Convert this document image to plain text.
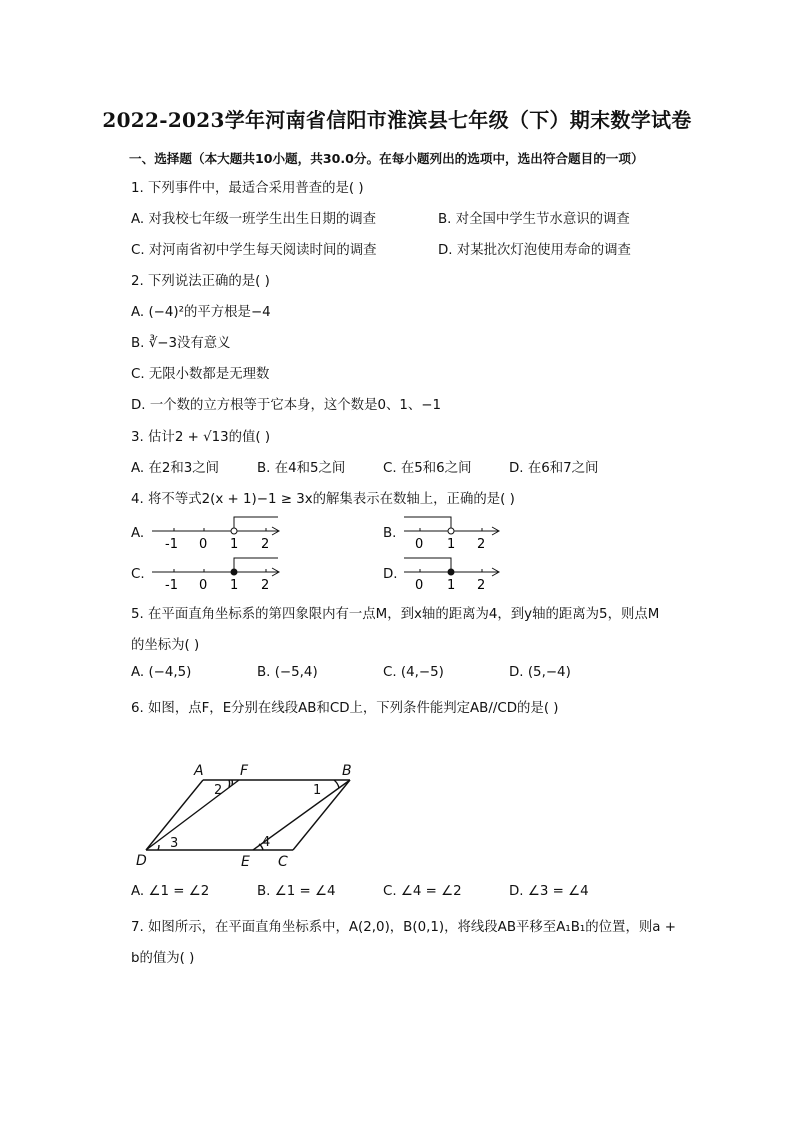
2022-2023学年河南省信阳市淮滨县七年级（下）期末数学试卷
一、选择题（本大题共10小题，共30.0分。在每小题列出的选项中，选出符合题目的一项）
1. 下列事件中，最适合采用普查的是( )
A. 对我校七年级一班学生出生日期的调查	B. 对全国中学生节水意识的调查
C. 对河南省初中学生每天阅读时间的调查	D. 对某批次灯泡使用寿命的调查
2. 下列说法正确的是( )
A. (−4)²的平方根是−4
B. ∛−3没有意义
C. 无限小数都是无理数
D. 一个数的立方根等于它本身，这个数是0、1、−1
3. 估计2 + √13的值( )
A. 在2和3之间	B. 在4和5之间	C. 在5和6之间	D. 在6和7之间
4. 将不等式2(x + 1)−1 ≥ 3x的解集表示在数轴上，正确的是( )
A.
-1 0 1 2
B.
0 1 2
C.
-1 0 1 2
D.
0 1 2
5. 在平面直角坐标系的第四象限内有一点M，到x轴的距离为4，到y轴的距离为5，则点M
的坐标为( )
A. (−4,5)	B. (−5,4)	C. (4,−5)	D. (5,−4)
6. 如图，点F，E分别在线段AB和CD上，下列条件能判定AB//CD的是( )
A	F	B
D	E C
2	1
3	4
A. ∠1 = ∠2	B. ∠1 = ∠4	C. ∠4 = ∠2	D. ∠3 = ∠4
7. 如图所示，在平面直角坐标系中，A(2,0)，B(0,1)，将线段AB平移至A₁B₁的位置，则a +
b的值为( )
